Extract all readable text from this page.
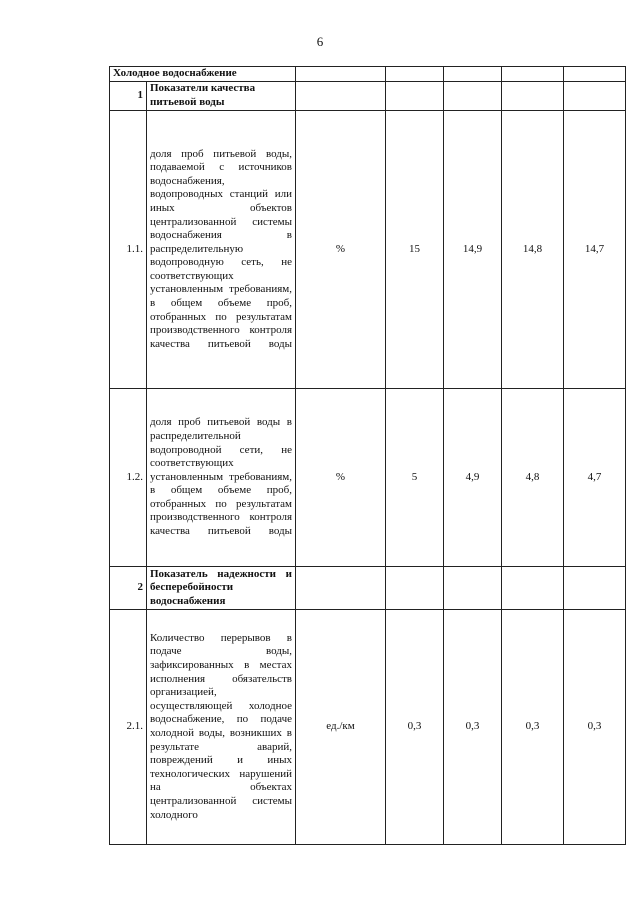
6
Холодное водоснабжение						
1	Показатели качества питьевой воды					
1.1.	доля проб питьевой воды, подаваемой с источников водоснабжения, водопроводных станций или иных объектов централизованной системы водоснабжения в распределительную водопроводную сеть, не соответствующих установленным требованиям, в общем объеме проб, отобранных по результатам производственного контроля качества питьевой воды	%	15	14,9	14,8	14,7
1.2.	доля проб питьевой воды в распределительной водопроводной сети, не соответствующих установленным требованиям, в общем объеме проб, отобранных по результатам производственного контроля качества питьевой воды	%	5	4,9	4,8	4,7
2	Показатель надежности и бесперебойности водоснабжения					
2.1.	Количество перерывов в подаче воды, зафиксированных в местах исполнения обязательств организацией, осуществляющей холодное водоснабжение, по подаче холодной воды, возникших в результате аварий, повреждений и иных технологических нарушений на объектах централизованной системы холодного	ед./км	0,3	0,3	0,3	0,3
